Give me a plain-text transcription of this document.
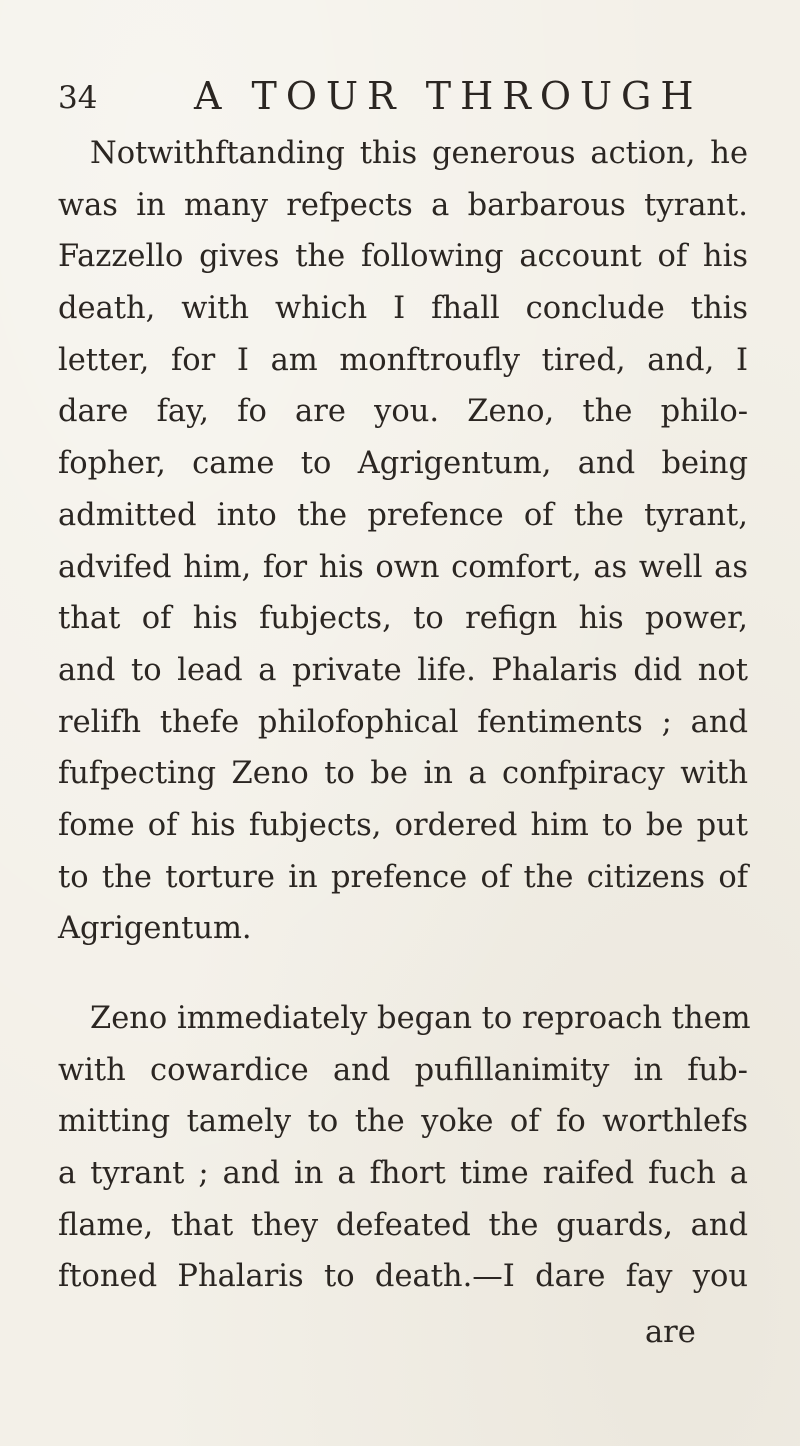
34	A TOUR THROUGH
Notwithftanding this generous action, he
was in many refpects a barbarous tyrant.
Fazzello gives the following account of his
death, with which I fhall conclude this
letter, for I am monftroufly tired, and, I
dare fay, fo are you. Zeno, the philo-
fopher, came to Agrigentum, and being
admitted into the prefence of the tyrant,
advifed him, for his own comfort, as well as
that of his fubjects, to refign his power,
and to lead a private life. Phalaris did not
relifh thefe philofophical fentiments ; and
fufpecting Zeno to be in a confpiracy with
fome of his fubjects, ordered him to be put
to the torture in prefence of the citizens of
Agrigentum.
Zeno immediately began to reproach them
with cowardice and pufillanimity in fub-
mitting tamely to the yoke of fo worthlefs
a tyrant ; and in a fhort time raifed fuch a
flame, that they defeated the guards, and
ftoned Phalaris to death.—I dare fay you
are
